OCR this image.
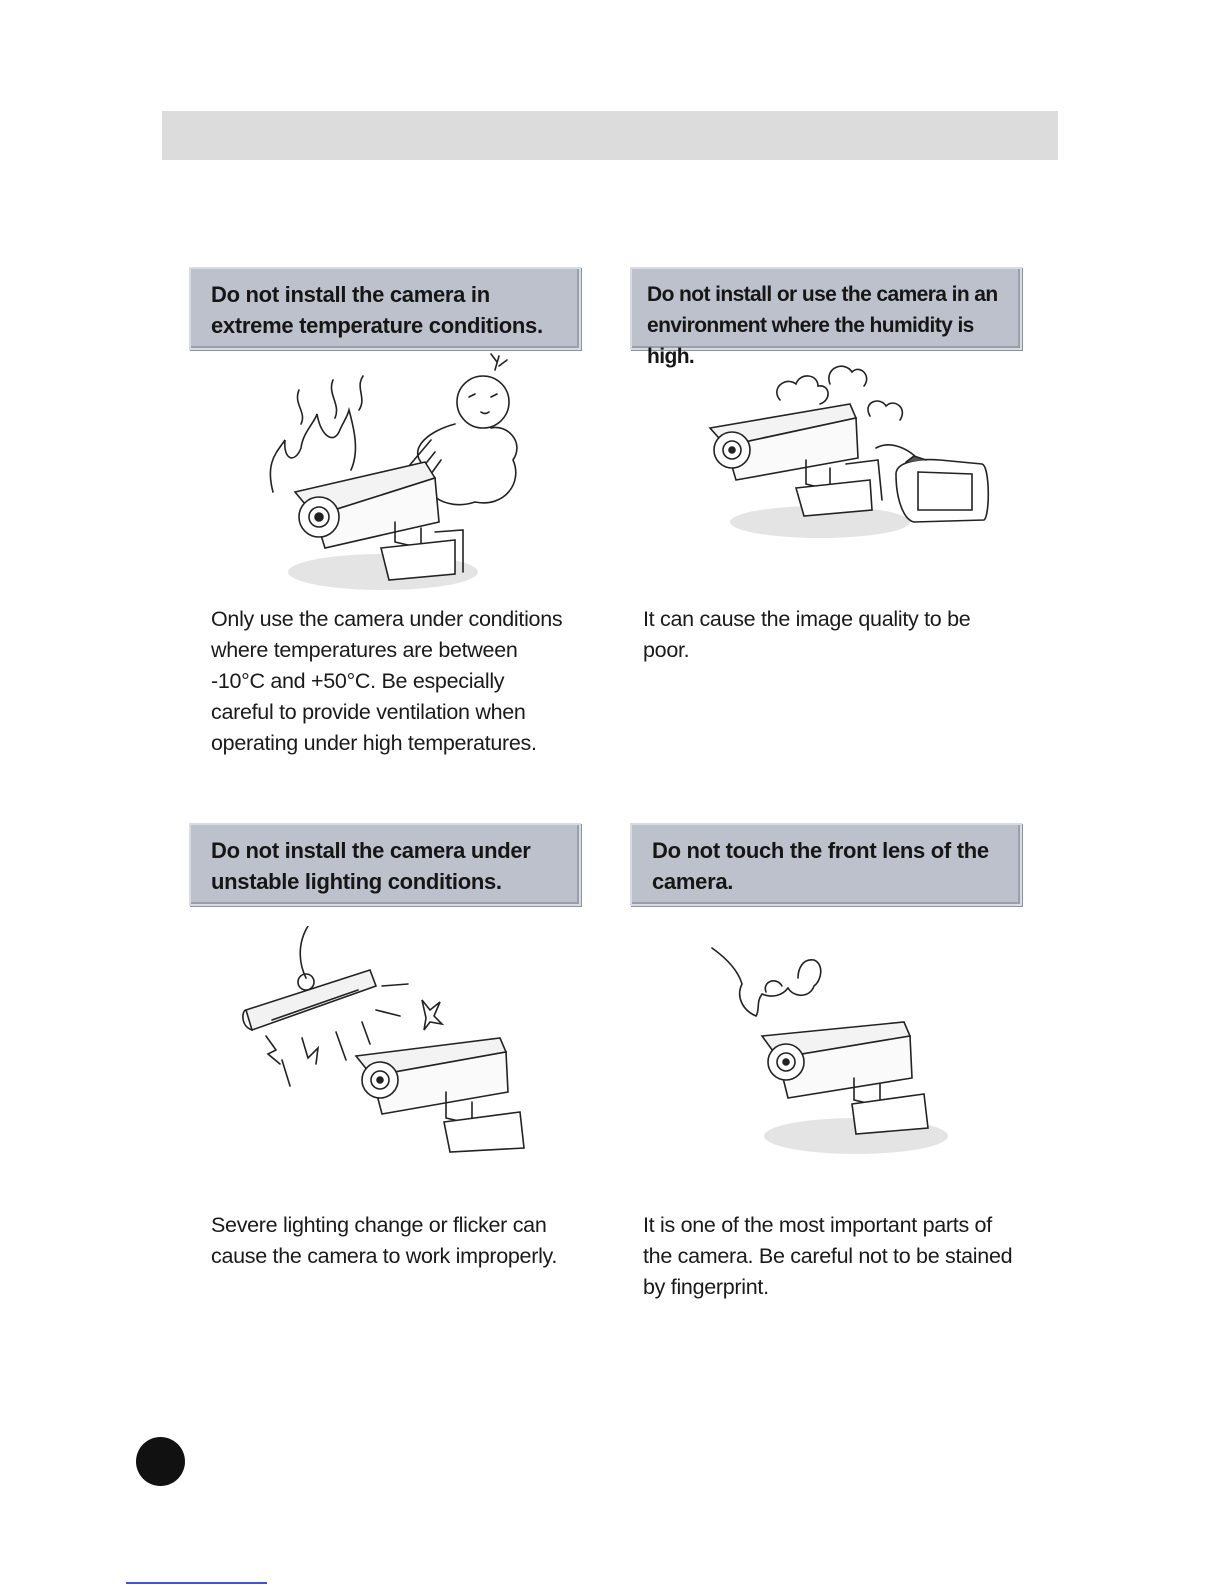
Do not install the camera in
extreme temperature conditions.
Only use the camera under conditions
where temperatures are between
-10°C and +50°C. Be especially
careful to provide ventilation when
operating under high temperatures.
Do not install or use the camera in an
environment where the humidity is high.
It can cause the image quality to be
poor.
Do not install the camera under
unstable lighting conditions.
Severe lighting change or flicker can
cause the camera to work improperly.
Do not touch the front lens of the
camera.
It is one of the most important parts of
the camera. Be careful not to be stained
by fingerprint.
